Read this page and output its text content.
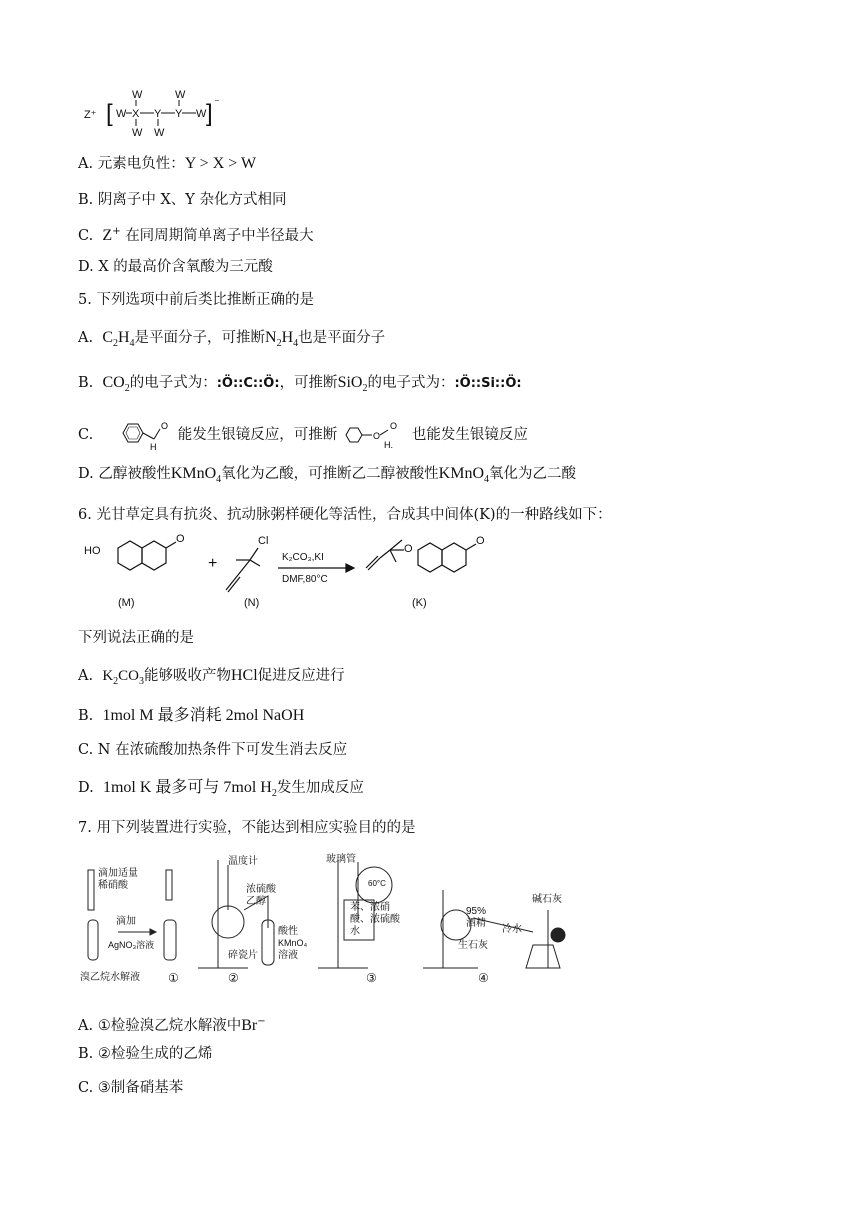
Z⁺ [ W X
W
W
Y
W
Y
W
W ] ⁻
A. 元素电负性：Y > X > W
B. 阴离子中 X、Y 杂化方式相同
C. Z+ 在同周期简单离子中半径最大
D. X 的最高价含氧酸为三元酸
5. 下列选项中前后类比推断正确的是
A. $C_2H_4$是平面分子，可推断$N_2H_4$也是平面分子
B. $CO_2$的电子式为：:Ö::C::Ö:，可推断SiO$_2$的电子式为：:Ö::Si::Ö:
C.
O
H
能发生银镜反应，可推断	O
O
H.
也能发生银镜反应
D. 乙醇被酸性KMnO$_4$氧化为乙酸，可推断乙二醇被酸性KMnO$_4$氧化为乙二酸
6. 光甘草定具有抗炎、抗动脉粥样硬化等活性，合成其中间体(K)的一种路线如下：
HO
O
+
Cl
K₂CO₃,KI
DMF,80°C
O
O
(M)	(N)	(K)
下列说法正确的是
A. $K_2CO_3$能够吸收产物HCl促进反应进行
B. 1mol M 最多消耗 2mol NaOH
C. N 在浓硫酸加热条件下可发生消去反应
D. 1mol K 最多可与 7mol $H_2$发生加成反应
7. 用下列装置进行实验，不能达到相应实验目的的是
滴加适量
稀硝酸
滴加
AgNO₃溶液
溴乙烷水解液 ①
温度计
浓硫酸
乙醇
碎瓷片
酸性
KMnO₄
溶液
②
玻璃管
60°C
苯、浓硝
酸、浓硫酸
水
③
碱石灰
95%
酒精
生石灰
冷水
④
A. ①检验溴乙烷水解液中Br−
B. ②检验生成的乙烯
C. ③制备硝基苯
